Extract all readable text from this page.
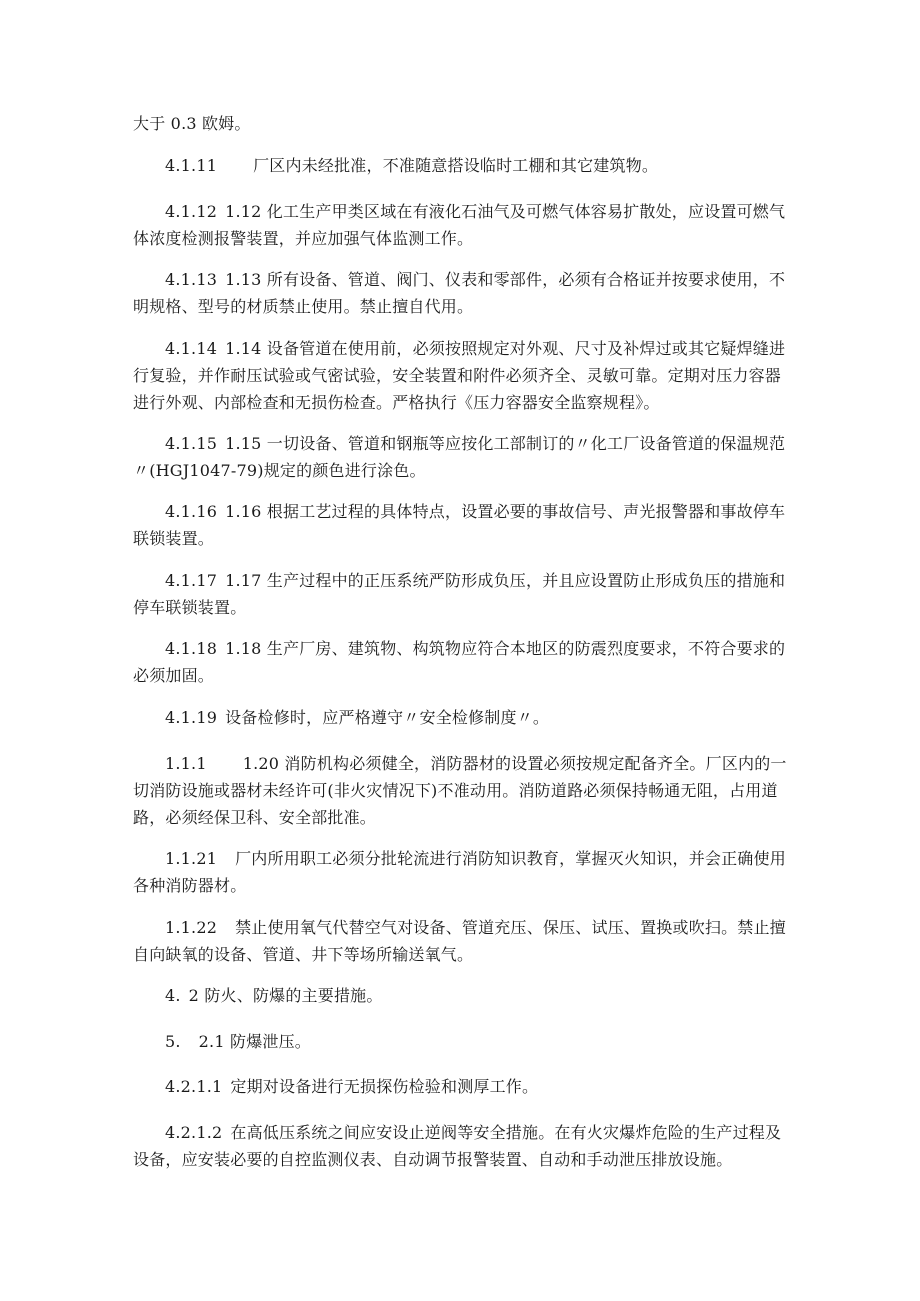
大于 0.3 欧姆。

4.1.11 厂区内未经批准，不准随意搭设临时工棚和其它建筑物。

4.1.12 1.12 化工生产甲类区域在有液化石油气及可燃气体容易扩散处，应设置可燃气体浓度检测报警装置，并应加强气体监测工作。

4.1.13 1.13 所有设备、管道、阀门、仪表和零部件，必须有合格证并按要求使用，不明规格、型号的材质禁止使用。禁止擅自代用。

4.1.14 1.14 设备管道在使用前，必须按照规定对外观、尺寸及补焊过或其它疑焊缝进行复验，并作耐压试验或气密试验，安全装置和附件必须齐全、灵敏可靠。定期对压力容器进行外观、内部检查和无损伤检查。严格执行《压力容器安全监察规程》。

4.1.15 1.15 一切设备、管道和钢瓶等应按化工部制订的〃化工厂设备管道的保温规范〃(HGJ1047-79)规定的颜色进行涂色。

4.1.16 1.16 根据工艺过程的具体特点，设置必要的事故信号、声光报警器和事故停车联锁装置。

4.1.17 1.17 生产过程中的正压系统严防形成负压，并且应设置防止形成负压的措施和停车联锁装置。

4.1.18 1.18 生产厂房、建筑物、构筑物应符合本地区的防震烈度要求，不符合要求的必须加固。

4.1.19 设备检修时，应严格遵守〃安全检修制度〃。

1.1.1 1.20 消防机构必须健全，消防器材的设置必须按规定配备齐全。厂区内的一切消防设施或器材未经许可(非火灾情况下)不准动用。消防道路必须保持畅通无阻，占用道路，必须经保卫科、安全部批准。

1.1.21 厂内所用职工必须分批轮流进行消防知识教育，掌握灭火知识，并会正确使用各种消防器材。

1.1.22 禁止使用氧气代替空气对设备、管道充压、保压、试压、置换或吹扫。禁止擅自向缺氧的设备、管道、井下等场所输送氧气。

4. 2 防火、防爆的主要措施。

5. 2.1 防爆泄压。

4.2.1.1 定期对设备进行无损探伤检验和测厚工作。

4.2.1.2 在高低压系统之间应安设止逆阀等安全措施。在有火灾爆炸危险的生产过程及设备，应安装必要的自控监测仪表、自动调节报警装置、自动和手动泄压排放设施。
